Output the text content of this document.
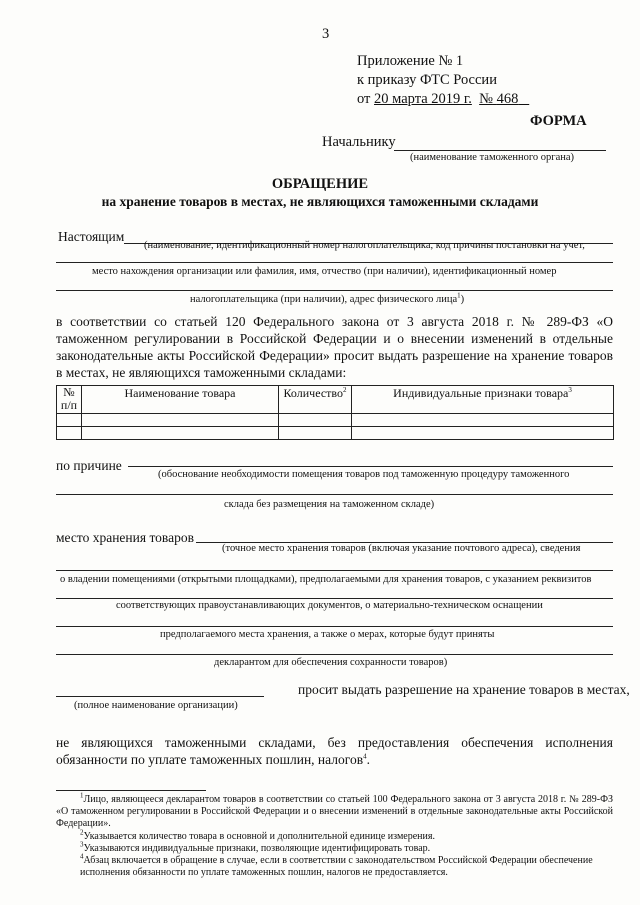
3
Приложение № 1
к приказу ФТС России
от 20 марта 2019 г. № 468
ФОРМА
Начальнику
(наименование таможенного органа)
ОБРАЩЕНИЕ
на хранение товаров в местах, не являющихся таможенными складами
Настоящим
(наименование, идентификационный номер налогоплательщика, код причины постановки на учет,
место нахождения организации или фамилия, имя, отчество (при наличии), идентификационный номер
налогоплательщика (при наличии), адрес физического лица$^1$)
в соответствии со статьей 120 Федерального закона от 3 августа 2018 г. № 289-ФЗ «О таможенном регулировании в Российской Федерации и о внесении изменений в отдельные законодательные акты Российской Федерации» просит выдать разрешение на хранение товаров в местах, не являющихся таможенными складами:
№
п/п	Наименование товара	Количество$^2$	Индивидуальные признаки товара$^3$

по причине
(обоснование необходимости помещения товаров под таможенную процедуру таможенного
склада без размещения на таможенном складе)
место хранения товаров
(точное место хранения товаров (включая указание почтового адреса), сведения
о владении помещениями (открытыми площадками), предполагаемыми для хранения товаров, с указанием реквизитов
соответствующих правоустанавливающих документов, о материально-техническом оснащении
предполагаемого места хранения, а также о мерах, которые будут приняты
декларантом для обеспечения сохранности товаров)
просит выдать разрешение на хранение товаров в местах,
(полное наименование организации)
не являющихся таможенными складами, без предоставления обеспечения исполнения обязанности по уплате таможенных пошлин, налогов$^4$.
$^1$Лицо, являющееся декларантом товаров в соответствии со статьей 100 Федерального закона от 3 августа 2018 г. № 289-ФЗ «О таможенном регулировании в Российской Федерации и о внесении изменений в отдельные законодательные акты Российской Федерации».
$^2$Указывается количество товара в основной и дополнительной единице измерения.
$^3$Указываются индивидуальные признаки, позволяющие идентифицировать товар.
$^4$Абзац включается в обращение в случае, если в соответствии с законодательством Российской Федерации обеспечение исполнения обязанности по уплате таможенных пошлин, налогов не предоставляется.
